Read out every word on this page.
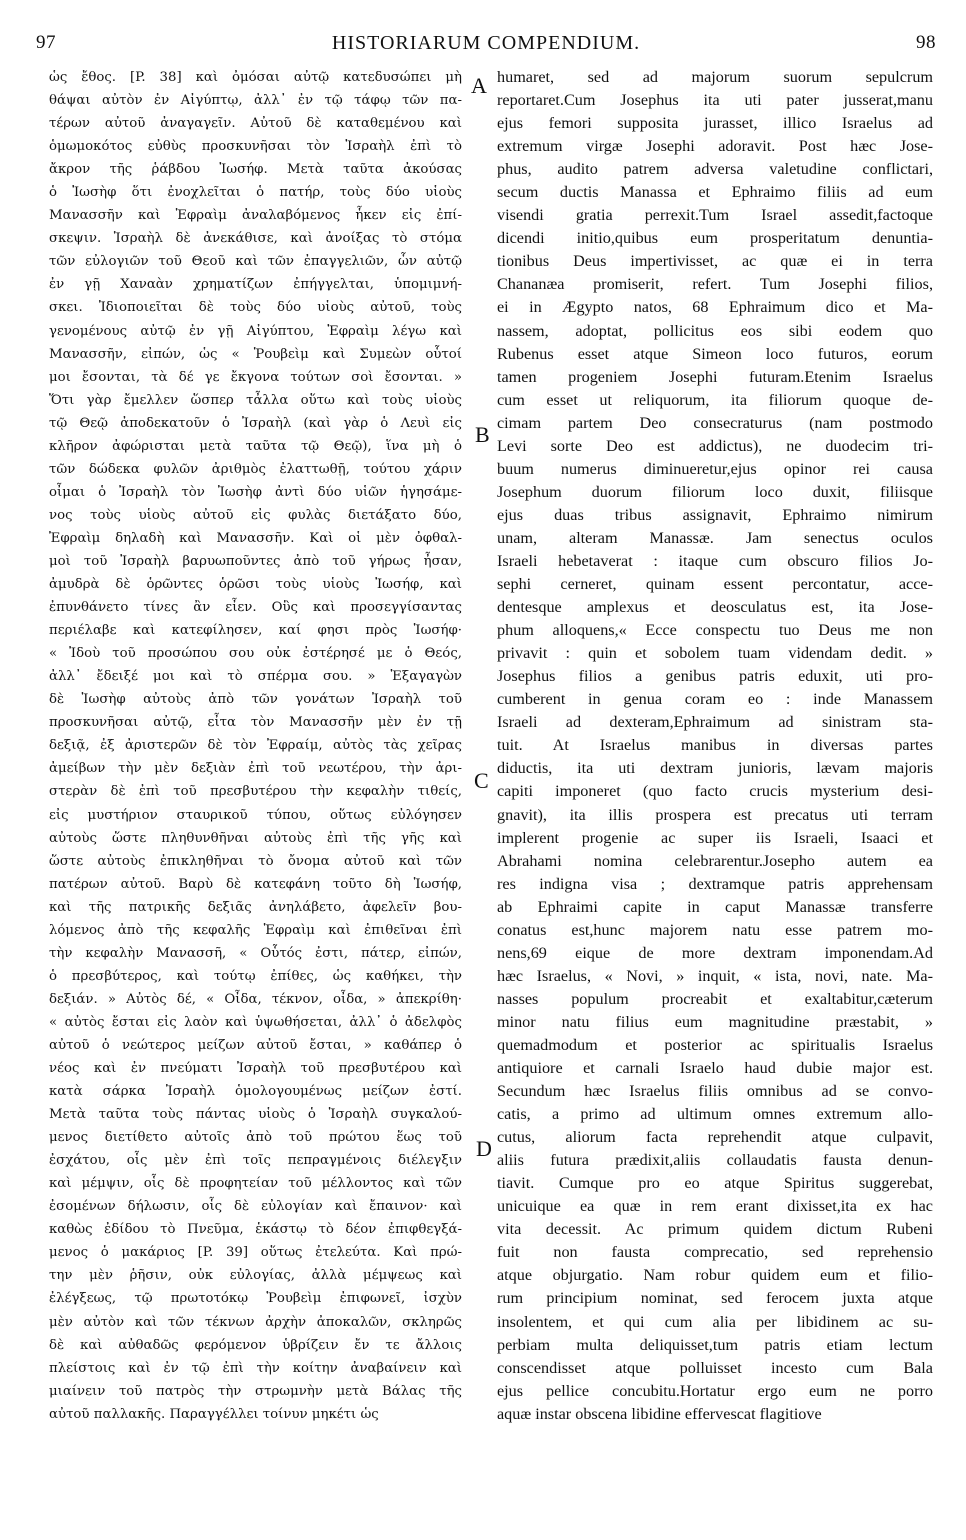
97	HISTORIARUM COMPENDIUM.	98
ὡς ἔθος. [P. 38] καὶ ὀμόσαι αὐτῷ κατεδυσώπει μὴ
θάψαι αὐτὸν ἐν Αἰγύπτῳ, ἀλλ᾽ ἐν τῷ τάφῳ τῶν πα-
τέρων αὐτοῦ ἀναγαγεῖν. Αὐτοῦ δὲ καταθεμένου καὶ
ὁμωμοκότος εὐθὺς προσκυνῆσαι τὸν Ἰσραὴλ ἐπὶ τὸ
ἄκρον τῆς ῥάβδου Ἰωσήφ. Μετὰ ταῦτα ἀκούσας
ὁ Ἰωσὴφ ὅτι ἐνοχλεῖται ὁ πατήρ, τοὺς δύο υἱοὺς
Μανασσῆν καὶ Ἐφραὶμ ἀναλαβόμενος ἧκεν εἰς ἐπί-
σκεψιν. Ἰσραὴλ δὲ ἀνεκάθισε, καὶ ἀνοίξας τὸ στόμα
τῶν εὐλογιῶν τοῦ Θεοῦ καὶ τῶν ἐπαγγελιῶν, ὧν αὐτῷ
ἐν γῇ Χαναὰν χρηματίζων ἐπήγγελται, ὑπομιμνή-
σκει. Ἰδιοποιεῖται δὲ τοὺς δύο υἱοὺς αὐτοῦ, τοὺς
γενομένους αὐτῷ ἐν γῇ Αἰγύπτου, Ἐφραὶμ λέγω καὶ
Μανασσῆν, εἰπών, ὡς « Ῥουβεὶμ καὶ Συμεὼν οὗτοί
μοι ἔσονται, τὰ δέ γε ἔκγονα τούτων σοὶ ἔσονται. »
Ὅτι γὰρ ἔμελλεν ὥσπερ τἆλλα οὕτω καὶ τοὺς υἱοὺς
τῷ Θεῷ ἀποδεκατοῦν ὁ Ἰσραὴλ (καὶ γὰρ ὁ Λευὶ εἰς
κλῆρον ἀφώρισται μετὰ ταῦτα τῷ Θεῷ), ἵνα μὴ ὁ
τῶν δώδεκα φυλῶν ἀριθμὸς ἐλαττωθῇ, τούτου χάριν
οἶμαι ὁ Ἰσραὴλ τὸν Ἰωσὴφ ἀντὶ δύο υἱῶν ἡγησάμε-
νος τοὺς υἱοὺς αὐτοῦ εἰς φυλὰς διετάξατο δύο,
Ἐφραὶμ δηλαδὴ καὶ Μανασσῆν. Καὶ οἱ μὲν ὀφθαλ-
μοὶ τοῦ Ἰσραὴλ βαρυωποῦντες ἀπὸ τοῦ γήρως ἦσαν,
ἀμυδρὰ δὲ ὁρῶντες ὁρῶσι τοὺς υἱοὺς Ἰωσήφ, καὶ
ἐπυνθάνετο τίνες ἂν εἶεν. Οὓς καὶ προσεγγίσαντας
περιέλαβε καὶ κατεφίλησεν, καί φησι πρὸς Ἰωσήφ·
« Ἰδοὺ τοῦ προσώπου σου οὐκ ἐστέρησέ με ὁ Θεός,
ἀλλ᾽ ἔδειξέ μοι καὶ τὸ σπέρμα σου. » Ἐξαγαγὼν
δὲ Ἰωσὴφ αὐτοὺς ἀπὸ τῶν γονάτων Ἰσραὴλ τοῦ
προσκυνῆσαι αὐτῷ, εἶτα τὸν Μανασσῆν μὲν ἐν τῇ
δεξιᾷ, ἐξ ἀριστερῶν δὲ τὸν Ἐφραίμ, αὐτὸς τὰς χεῖρας
ἀμείβων τὴν μὲν δεξιὰν ἐπὶ τοῦ νεωτέρου, τὴν ἀρι-
στερὰν δὲ ἐπὶ τοῦ πρεσβυτέρου τὴν κεφαλὴν τιθείς,
εἰς μυστήριον σταυρικοῦ τύπου, οὕτως εὐλόγησεν
αὐτοὺς ὥστε πληθυνθῆναι αὐτοὺς ἐπὶ τῆς γῆς καὶ
ὥστε αὐτοὺς ἐπικληθῆναι τὸ ὄνομα αὐτοῦ καὶ τῶν
πατέρων αὐτοῦ. Βαρὺ δὲ κατεφάνη τοῦτο δὴ Ἰωσήφ,
καὶ τῆς πατρικῆς δεξιᾶς ἀνηλάβετο, ἀφελεῖν βου-
λόμενος ἀπὸ τῆς κεφαλῆς Ἐφραὶμ καὶ ἐπιθεῖναι ἐπὶ
τὴν κεφαλὴν Μανασσῆ, « Οὗτός ἐστι, πάτερ, εἰπών,
ὁ πρεσβύτερος, καὶ τούτῳ ἐπίθες, ὡς καθήκει, τὴν
δεξιάν. » Αὐτὸς δέ, « Οἶδα, τέκνον, οἶδα, » ἀπεκρίθη·
« αὐτὸς ἔσται εἰς λαὸν καὶ ὑψωθήσεται, ἀλλ᾽ ὁ ἀδελφὸς
αὐτοῦ ὁ νεώτερος μείζων αὐτοῦ ἔσται, » καθάπερ ὁ
νέος καὶ ἐν πνεύματι Ἰσραὴλ τοῦ πρεσβυτέρου καὶ
κατὰ σάρκα Ἰσραὴλ ὁμολογουμένως μείζων ἐστί.
Μετὰ ταῦτα τοὺς πάντας υἱοὺς ὁ Ἰσραὴλ συγκαλού-
μενος διετίθετο αὐτοῖς ἀπὸ τοῦ πρώτου ἕως τοῦ
ἐσχάτου, οἷς μὲν ἐπὶ τοῖς πεπραγμένοις διέλεγξιν
καὶ μέμψιν, οἷς δὲ προφητείαν τοῦ μέλλοντος καὶ τῶν
ἐσομένων δήλωσιν, οἷς δὲ εὐλογίαν καὶ ἔπαινον· καὶ
καθὼς ἐδίδου τὸ Πνεῦμα, ἑκάστῳ τὸ δέον ἐπιφθεγξά-
μενος ὁ μακάριος [P. 39] οὕτως ἐτελεύτα. Καὶ πρώ-
την μὲν ῥῆσιν, οὐκ εὐλογίας, ἀλλὰ μέμψεως καὶ
ἐλέγξεως, τῷ πρωτοτόκῳ Ῥουβεὶμ ἐπιφωνεῖ, ἰσχὺν
μὲν αὐτὸν καὶ τῶν τέκνων ἀρχὴν ἀποκαλῶν, σκληρῶς
δὲ καὶ αὐθαδῶς φερόμενον ὑβρίζειν ἔν τε ἄλλοις
πλείστοις καὶ ἐν τῷ ἐπὶ τὴν κοίτην ἀναβαίνειν καὶ
μιαίνειν τοῦ πατρὸς τὴν στρωμνὴν μετὰ Βάλας τῆς
αὐτοῦ παλλακῆς. Παραγγέλλει τοίνυν μηκέτι ὡς
humaret, sed ad majorum suorum sepulcrum
reportaret.Cum Josephus ita uti pater jusserat,manu
ejus femori supposita jurasset, illico Israelus ad
extremum virgæ Josephi adoravit. Post hæc Jose-
phus, audito patrem adversa valetudine conflictari,
secum ductis Manassa et Ephraimo filiis ad eum
visendi gratia perrexit.Tum Israel assedit,factoque
dicendi initio,quibus eum prosperitatum denuntia-
tionibus Deus impertivisset, ac quæ ei in terra
Chananæa promiserit, refert. Tum Josephi filios,
ei in Ægypto natos, 68 Ephraimum dico et Ma-
nassem, adoptat, pollicitus eos sibi eodem quo
Rubenus esset atque Simeon loco futuros, eorum
tamen progeniem Josephi futuram.Etenim Israelus
cum esset ut reliquorum, ita filiorum quoque de-
cimam partem Deo consecraturus (nam postmodo
Levi sorte Deo est addictus), ne duodecim tri-
buum numerus diminueretur,ejus opinor rei causa
Josephum duorum filiorum loco duxit, filiisque
ejus duas tribus assignavit, Ephraimo nimirum
unam, alteram Manassæ. Jam senectus oculos
Israeli hebetaverat : itaque cum obscuro filios Jo-
sephi cerneret, quinam essent percontatur, acce-
dentesque amplexus et deosculatus est, ita Jose-
phum alloquens,« Ecce conspectu tuo Deus me non
privavit : quin et sobolem tuam videndam dedit. »
Josephus filios a genibus patris eduxit, uti pro-
cumberent in genua coram eo : inde Manassem
Israeli ad dexteram,Ephraimum ad sinistram sta-
tuit. At Israelus manibus in diversas partes
diductis, ita uti dextram junioris, lævam majoris
capiti imponeret (quo facto crucis mysterium desi-
gnavit), ita illis prospera est precatus uti terram
implerent progenie ac super iis Israeli, Isaaci et
Abrahami nomina celebrarentur.Josepho autem ea
res indigna visa ; dextramque patris apprehensam
ab Ephraimi capite in caput Manassæ transferre
conatus est,hunc majorem natu esse patrem mo-
nens,69 eique de more dextram imponendam.Ad
hæc Israelus, « Novi, » inquit, « ista, novi, nate. Ma-
nasses populum procreabit et exaltabitur,cæterum
minor natu filius eum magnitudine præstabit, »
quemadmodum et posterior ac spiritualis Israelus
antiquiore et carnali Israelo haud dubie major est.
Secundum hæc Israelus filiis omnibus ad se convo-
catis, a primo ad ultimum omnes extremum allo-
cutus, aliorum facta reprehendit atque culpavit,
aliis futura prædixit,aliis collaudatis fausta denun-
tiavit. Cumque pro eo atque Spiritus suggerebat,
unicuique ea quæ in rem erant dixisset,ita ex hac
vita decessit. Ac primum quidem dictum Rubeni
fuit non fausta comprecatio, sed reprehensio
atque objurgatio. Nam robur quidem eum et filio-
rum principium nominat, sed ferocem juxta atque
insolentem, et qui cum alia per libidinem ac su-
perbiam multa deliquisset,tum patris etiam lectum
conscendisset atque polluisset incesto cum Bala
ejus pellice concubitu.Hortatur ergo eum ne porro
aquæ instar obscena libidine effervescat flagitiove
A
B
C
D
